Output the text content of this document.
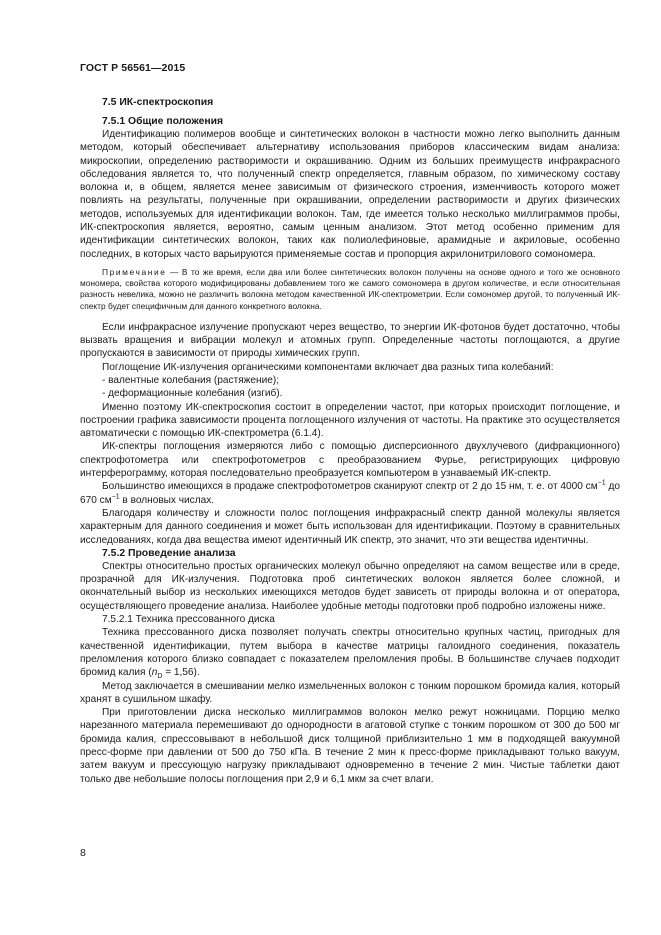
ГОСТ Р 56561—2015
7.5 ИК-спектроскопия
7.5.1 Общие положения

Идентификацию полимеров вообще и синтетических волокон в частности можно легко выполнить данным методом, который обеспечивает альтернативу использования приборов классическим видам анализа: микроскопии, определению растворимости и окрашиванию. Одним из больших преимуществ инфракрасного обследования является то, что полученный спектр определяется, главным образом, по химическому составу волокна и, в общем, является менее зависимым от физического строения, изменчивость которого может повлиять на результаты, полученные при окрашивании, определении растворимости и других физических методов, используемых для идентификации волокон. Там, где имеется только несколько миллиграммов пробы, ИК-спектроскопия является, вероятно, самым ценным анализом. Этот метод особенно применим для идентификации синтетических волокон, таких как полиолефиновые, арамидные и акриловые, особенно последних, в которых часто варьируются применяемые состав и пропорция акрилонитрилового сомономера.

Примечание — В то же время, если два или более синтетических волокон получены на основе одного и того же основного мономера, свойства которого модифицированы добавлением того же самого сомономера в другом количестве, и если относительная разность невелика, можно не различить волокна методом качественной ИК-спектрометрии. Если сомономер другой, то полученный ИК-спектр будет специфичным для данного конкретного волокна.

Если инфракрасное излучение пропускают через вещество, то энергии ИК-фотонов будет достаточно, чтобы вызвать вращения и вибрации молекул и атомных групп. Определенные частоты поглощаются, а другие пропускаются в зависимости от природы химических групп.

Поглощение ИК-излучения органическими компонентами включает два разных типа колебаний:

- валентные колебания (растяжение);
- деформационные колебания (изгиб).

Именно поэтому ИК-спектроскопия состоит в определении частот, при которых происходит поглощение, и построении графика зависимости процента поглощенного излучения от частоты. На практике это осуществляется автоматически с помощью ИК-спектрометра (6.1.4).

ИК-спектры поглощения измеряются либо с помощью дисперсионного двухлучевого (дифракционного) спектрофотометра или спектрофотометров с преобразованием Фурье, регистрирующих цифровую интерферограмму, которая последовательно преобразуется компьютером в узнаваемый ИК-спектр.

Большинство имеющихся в продаже спектрофотометров сканируют спектр от 2 до 15 нм, т. е. от 4000 $см^{-1}$ до 670 $см^{-1}$ в волновых числах.

Благодаря количеству и сложности полос поглощения инфракрасный спектр данной молекулы является характерным для данного соединения и может быть использован для идентификации. Поэтому в сравнительных исследованиях, когда два вещества имеют идентичный ИК спектр, это значит, что эти вещества идентичны.

7.5.2 Проведение анализа

Спектры относительно простых органических молекул обычно определяют на самом веществе или в среде, прозрачной для ИК-излучения. Подготовка проб синтетических волокон является более сложной, и окончательный выбор из нескольких имеющихся методов будет зависеть от природы волокна и от оператора, осуществляющего проведение анализа. Наиболее удобные методы подготовки проб подробно изложены ниже.

7.5.2.1 Техника прессованного диска

Техника прессованного диска позволяет получать спектры относительно крупных частиц, пригодных для качественной идентификации, путем выбора в качестве матрицы галоидного соединения, показатель преломления которого близко совпадает с показателем преломления пробы. В большинстве случаев подходит бромид калия $(n_D = 1,56)$.

Метод заключается в смешивании мелко измельченных волокон с тонким порошком бромида калия, который хранят в сушильном шкафу.

При приготовлении диска несколько миллиграммов волокон мелко режут ножницами. Порцию мелко нарезанного материала перемешивают до однородности в агатовой ступке с тонким порошком от 300 до 500 мг бромида калия, спрессовывают в небольшой диск толщиной приблизительно 1 мм в подходящей вакуумной пресс-форме при давлении от 500 до 750 кПа. В течение 2 мин к пресс-форме прикладывают только вакуум, затем вакуум и прессующую нагрузку прикладывают одновременно в течение 2 мин. Чистые таблетки дают только две небольшие полосы поглощения при 2,9 и 6,1 мкм за счет влаги.

8
